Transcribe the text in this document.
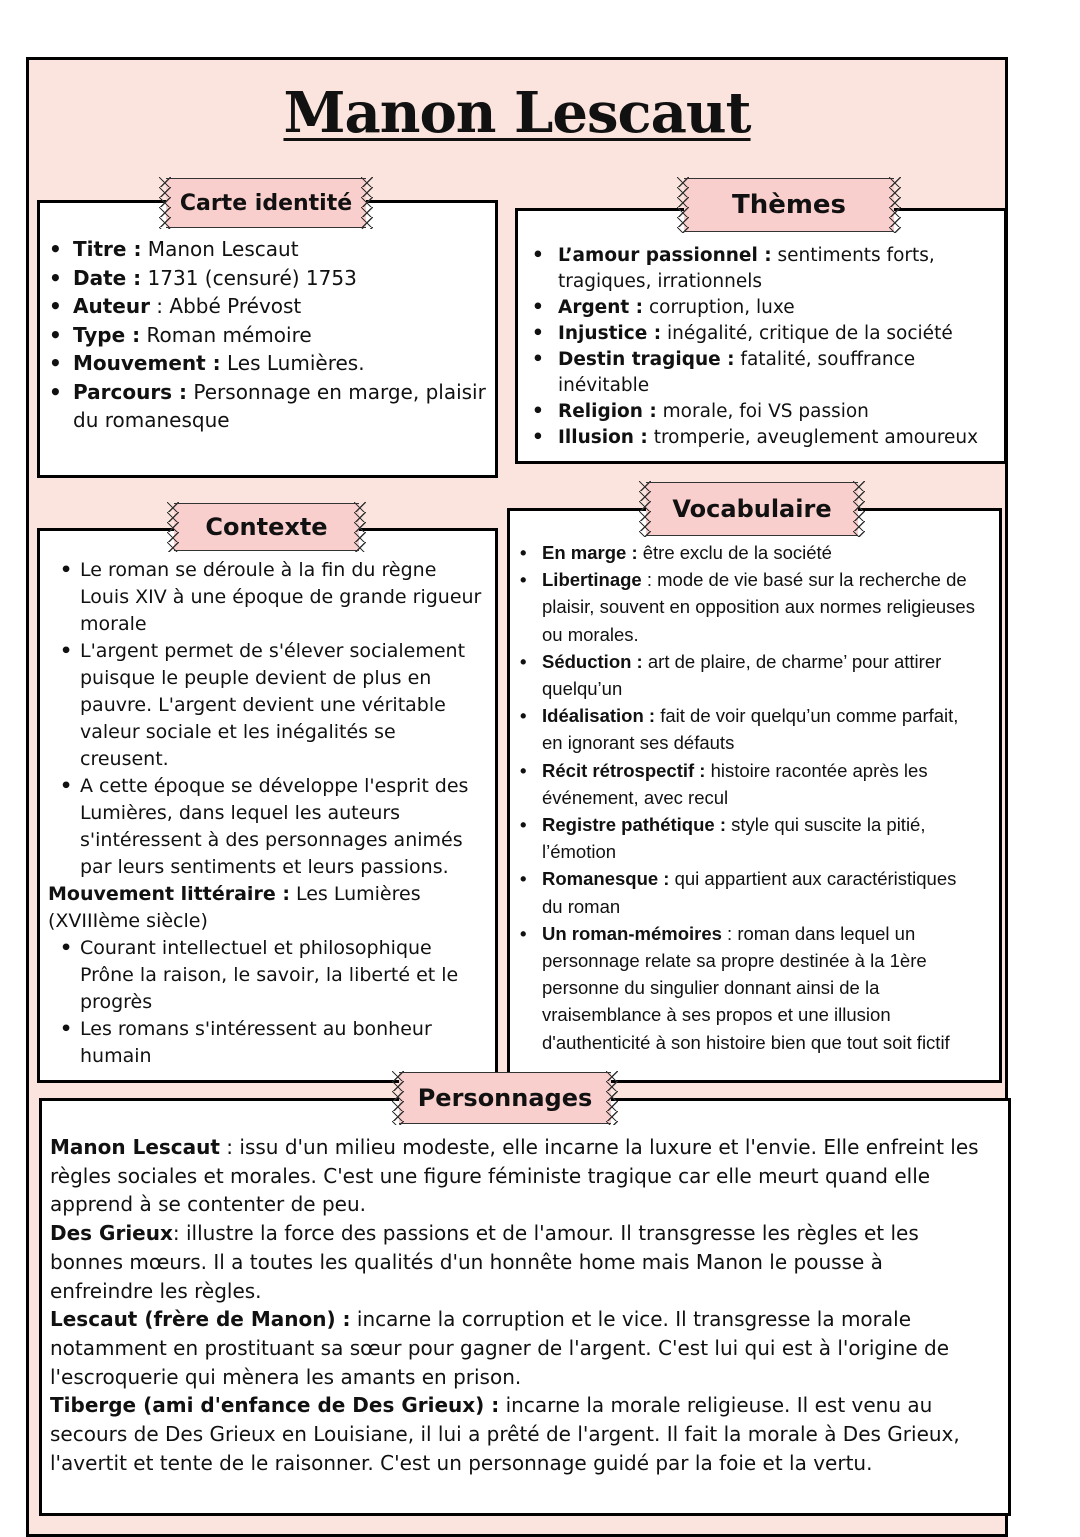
Manon Lescaut
• Titre : Manon Lescaut
• Date : 1731 (censuré) 1753
• Auteur : Abbé Prévost
• Type : Roman mémoire
• Mouvement : Les Lumières.
• Parcours : Personnage en marge, plaisir du romanesque
Carte identité
• L’amour passionnel : sentiments forts, tragiques, irrationnels
• Argent : corruption, luxe
• Injustice : inégalité, critique de la société
• Destin tragique : fatalité, souffrance inévitable
• Religion : morale, foi VS passion
• Illusion : tromperie, aveuglement amoureux
Thèmes
• Le roman se déroule à la fin du règne Louis XIV à une époque de grande rigueur morale
• L'argent permet de s'élever socialement puisque le peuple devient de plus en pauvre. L'argent devient une véritable valeur sociale et les inégalités se creusent.
• A cette époque se développe l'esprit des Lumières, dans lequel les auteurs s'intéressent à des personnages animés par leurs sentiments et leurs passions.
Mouvement littéraire : Les Lumières (XVIIIème siècle)
• Courant intellectuel et philosophique Prône la raison, le savoir, la liberté et le progrès
• Les romans s'intéressent au bonheur humain
Contexte
• En marge : être exclu de la société
• Libertinage : mode de vie basé sur la recherche de plaisir, souvent en opposition aux normes religieuses ou morales.
• Séduction : art de plaire, de charme’ pour attirer quelqu’un
• Idéalisation : fait de voir quelqu’un comme parfait, en ignorant ses défauts
• Récit rétrospectif : histoire racontée après les événement, avec recul
• Registre pathétique : style qui suscite la pitié, l’émotion
• Romanesque : qui appartient aux caractéristiques du roman
• Un roman-mémoires : roman dans lequel un personnage relate sa propre destinée à la 1ère personne du singulier donnant ainsi de la vraisemblance à ses propos et une illusion d'authenticité à son histoire bien que tout soit fictif
Vocabulaire

Manon Lescaut : issu d'un milieu modeste, elle incarne la luxure et l'envie. Elle enfreint les règles sociales et morales. C'est une figure féministe tragique car elle meurt quand elle apprend à se contenter de peu.

Des Grieux: illustre la force des passions et de l'amour. Il transgresse les règles et les bonnes mœurs. Il a toutes les qualités d'un honnête home mais Manon le pousse à enfreindre les règles.

Lescaut (frère de Manon) : incarne la corruption et le vice. Il transgresse la morale notamment en prostituant sa sœur pour gagner de l'argent. C'est lui qui est à l'origine de l'escroquerie qui mènera les amants en prison.

Tiberge (ami d'enfance de Des Grieux) : incarne la morale religieuse. Il est venu au secours de Des Grieux en Louisiane, il lui a prêté de l'argent. Il fait la morale à Des Grieux, l'avertit et tente de le raisonner. C'est un personnage guidé par la foie et la vertu.

Personnages
